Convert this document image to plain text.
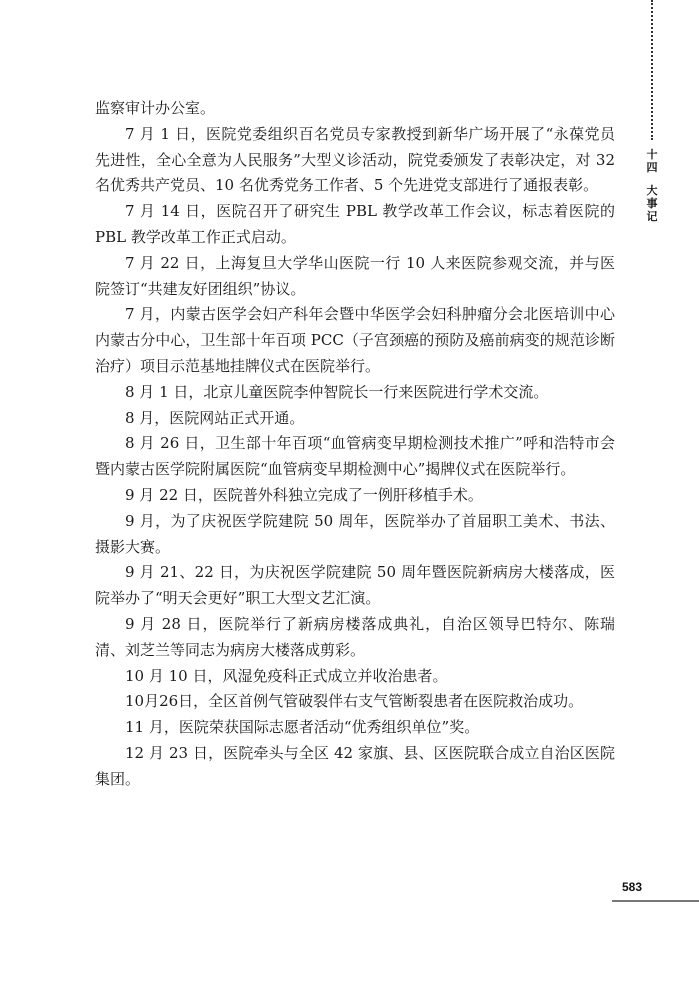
十四
大事记

监察审计办公室。

7 月 1 日，医院党委组织百名党员专家教授到新华广场开展了“永葆党员先进性，全心全意为人民服务”大型义诊活动，院党委颁发了表彰决定，对 32 名优秀共产党员、10 名优秀党务工作者、5 个先进党支部进行了通报表彰。

7 月 14 日，医院召开了研究生 PBL 教学改革工作会议，标志着医院的 PBL 教学改革工作正式启动。

7 月 22 日，上海复旦大学华山医院一行 10 人来医院参观交流，并与医院签订“共建友好团组织”协议。

7 月，内蒙古医学会妇产科年会暨中华医学会妇科肿瘤分会北医培训中心内蒙古分中心，卫生部十年百项 PCC（子宫颈癌的预防及癌前病变的规范诊断治疗）项目示范基地挂牌仪式在医院举行。

8 月 1 日，北京儿童医院李仲智院长一行来医院进行学术交流。

8 月，医院网站正式开通。

8 月 26 日，卫生部十年百项“血管病变早期检测技术推广”呼和浩特市会暨内蒙古医学院附属医院“血管病变早期检测中心”揭牌仪式在医院举行。

9 月 22 日，医院普外科独立完成了一例肝移植手术。

9 月，为了庆祝医学院建院 50 周年，医院举办了首届职工美术、书法、摄影大赛。

9 月 21、22 日，为庆祝医学院建院 50 周年暨医院新病房大楼落成，医院举办了“明天会更好”职工大型文艺汇演。

9 月 28 日，医院举行了新病房楼落成典礼，自治区领导巴特尔、陈瑞清、刘芝兰等同志为病房大楼落成剪彩。

10 月 10 日，风湿免疫科正式成立并收治患者。

10月26日，全区首例气管破裂伴右支气管断裂患者在医院救治成功。

11 月，医院荣获国际志愿者活动“优秀组织单位”奖。

12 月 23 日，医院牵头与全区 42 家旗、县、区医院联合成立自治区医院集团。

583
